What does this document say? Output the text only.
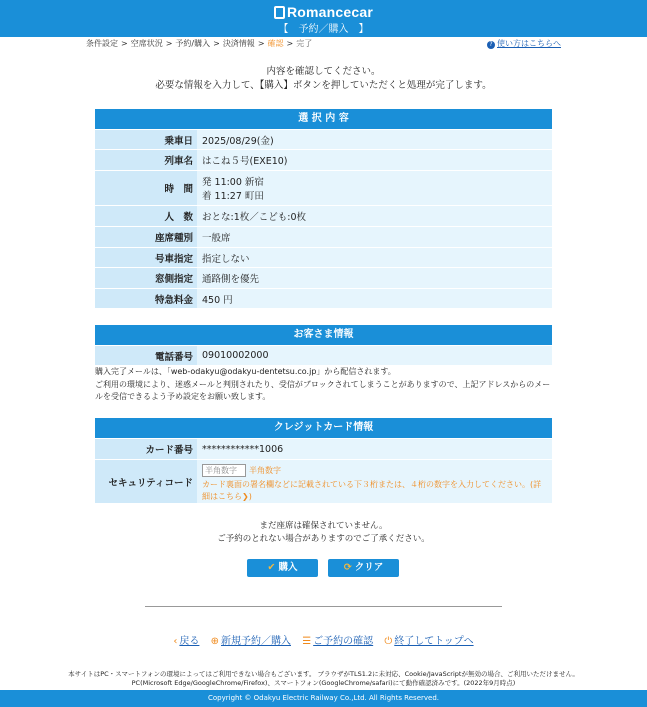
Romancecar
【　予約／購入　】
条件設定 > 空席状況 > 予約/購入 > 決済情報 > 確認 > 完了	? 使い方はこちらへ
内容を確認してください。
必要な情報を入力して、【購入】ボタンを押していただくと処理が完了します。
選 択 内 容
乗車日 2025/08/29(金)
列車名 はこね５号(EXE10)
時　間
発 11:00 新宿
着 11:27 町田
人　数 おとな:1枚／こども:0枚
座席種別 一般席
号車指定 指定しない
窓側指定 通路側を優先
特急料金 450 円
お客さま情報
電話番号 09010002000
購入完了メールは、「web-odakyu@odakyu-dentetsu.co.jp」から配信されます。
ご利用の環境により、迷惑メールと判別されたり、受信がブロックされてしまうことがありますので、上記アドレスからのメー
ルを受信できるよう予め設定をお願い致します。
クレジットカード情報
カード番号 ************1006
セキュリティコード
半角数字 半角数字
カード裏面の署名欄などに記載されている下３桁または、４桁の数字を入力してください。(詳細はこちら❯)
まだ座席は確保されていません。
ご予約のとれない場合がありますのでご了承ください。
✔ 購入	⟳ クリア
‹ 戻る ⊕ 新規予約／購入 ☰ ご予約の確認 ⏻ 終了してトップへ
本サイトはPC・スマートフォンの環境によってはご利用できない場合もございます。 ブラウザがTLS1.2に未対応、Cookie/JavaScriptが無効の場合、ご利用いただけません。
PC(Microsoft Edge/GoogleChrome/Firefox)、スマートフォン(GoogleChrome/safari)にて動作確認済みです。(2022年9月時点)
Copyright © Odakyu Electric Railway Co.,Ltd. All Rights Reserved.
